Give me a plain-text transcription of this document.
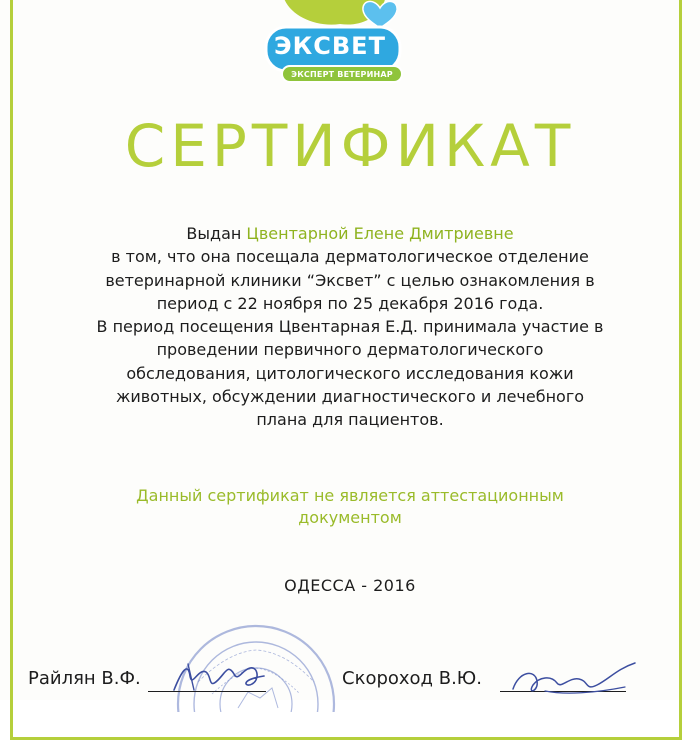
ЭКСВЕТ
ЭКСПЕРТ ВЕТЕРИНАР
СЕРТИФИКАТ
Выдан Цвентарной Елене Дмитриевне
в том, что она посещала дерматологическое отделение
ветеринарной клиники “Эксвет” с целью ознакомления в
период с 22 ноября по 25 декабря 2016 года.
В период посещения Цвентарная Е.Д. принимала участие в
проведении первичного дерматологического
обследования, цитологического исследования кожи
животных, обсуждении диагностического и лечебного
плана для пациентов.
Данный сертификат не является аттестационным
документом
ОДЕССА - 2016
Райлян В.Ф.	Скороход В.Ю.
